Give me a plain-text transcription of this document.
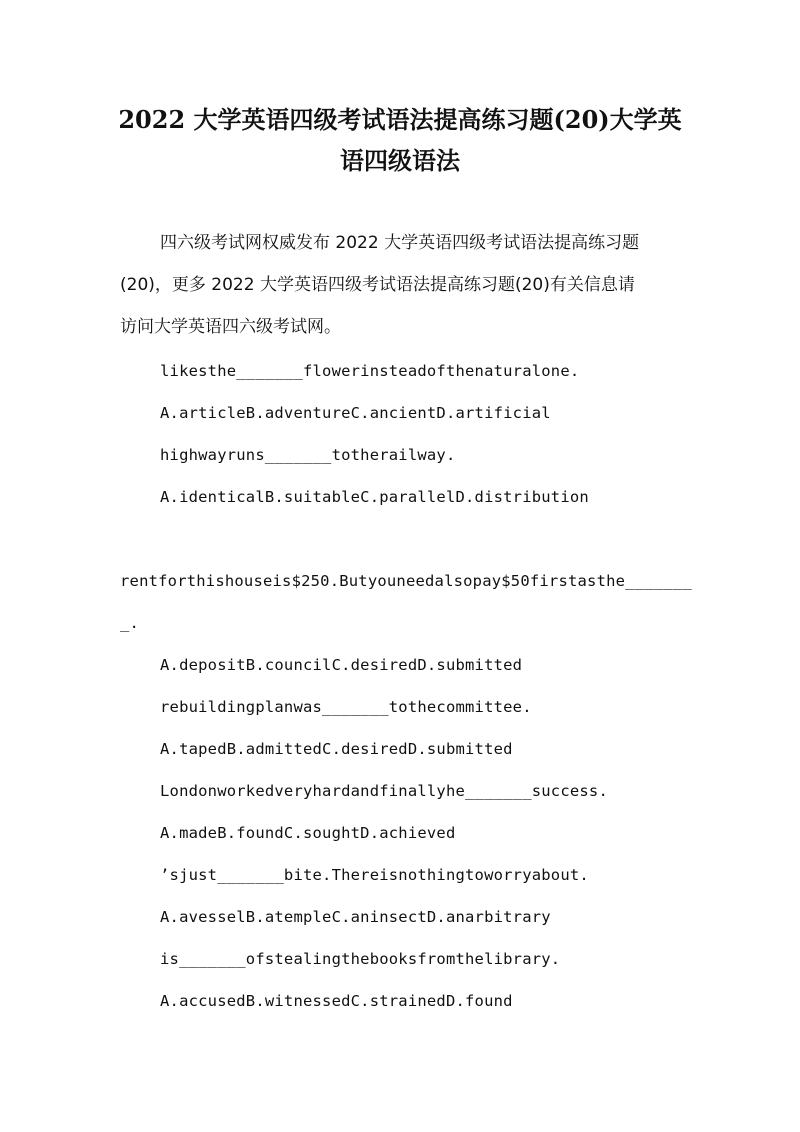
2022 大学英语四级考试语法提高练习题(20)大学英
语四级语法
四六级考试网权威发布 2022 大学英语四级考试语法提高练习题
(20)，更多 2022 大学英语四级考试语法提高练习题(20)有关信息请
访问大学英语四六级考试网。
likesthe_______flowerinsteadofthenaturalone.
A.articleB.adventureC.ancientD.artificial
highwayruns_______totherailway.
A.identicalB.suitableC.parallelD.distribution
rentforthishouseis$250.Butyouneedalsopay$50firstasthe_______
_.
A.depositB.councilC.desiredD.submitted
rebuildingplanwas_______tothecommittee.
A.tapedB.admittedC.desiredD.submitted
Londonworkedveryhardandfinallyhe_______success.
A.madeB.foundC.soughtD.achieved
’sjust_______bite.Thereisnothingtoworryabout.
A.avesselB.atempleC.aninsectD.anarbitrary
is_______ofstealingthebooksfromthelibrary.
A.accusedB.witnessedC.strainedD.found
